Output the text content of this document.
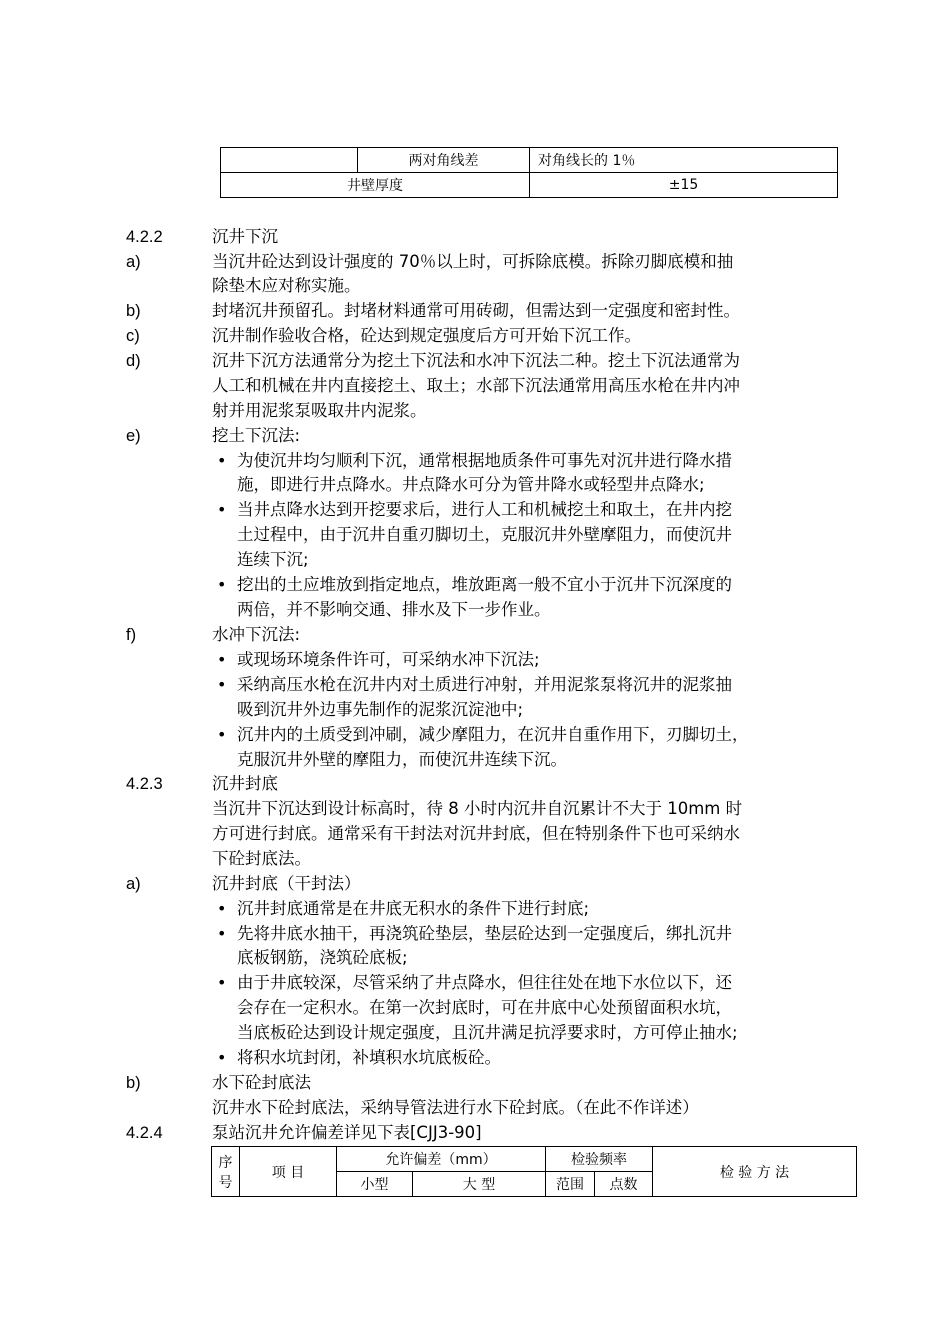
	两对角线差	对角线长的 1％
井壁厚度		±15
4.2.2	沉井下沉
a)	当沉井砼达到设计强度的 70％以上时，可拆除底模。拆除刃脚底模和抽
除垫木应对称实施。
b)	封堵沉井预留孔。封堵材料通常可用砖砌，但需达到一定强度和密封性。
c)	沉井制作验收合格，砼达到规定强度后方可开始下沉工作。
d)	沉井下沉方法通常分为挖土下沉法和水冲下沉法二种。挖土下沉法通常为
人工和机械在井内直接挖土、取土；水部下沉法通常用高压水枪在井内冲
射并用泥浆泵吸取井内泥浆。
e)	挖土下沉法:
• 为使沉井均匀顺利下沉，通常根据地质条件可事先对沉井进行降水措
施，即进行井点降水。井点降水可分为管井降水或轻型井点降水;
• 当井点降水达到开挖要求后，进行人工和机械挖土和取土，在井内挖
土过程中，由于沉井自重刃脚切土，克服沉井外壁摩阻力，而使沉井
连续下沉;
• 挖出的土应堆放到指定地点，堆放距离一般不宜小于沉井下沉深度的
两倍，并不影响交通、排水及下一步作业。
f)	水冲下沉法:
• 或现场环境条件许可，可采纳水冲下沉法;
• 采纳高压水枪在沉井内对土质进行冲射，并用泥浆泵将沉井的泥浆抽
吸到沉井外边事先制作的泥浆沉淀池中;
• 沉井内的土质受到冲刷，减少摩阻力，在沉井自重作用下，刃脚切土，
克服沉井外壁的摩阻力，而使沉井连续下沉。
4.2.3	沉井封底
当沉井下沉达到设计标高时，待 8 小时内沉井自沉累计不大于 10mm 时
方可进行封底。通常采有干封法对沉井封底，但在特别条件下也可采纳水
下砼封底法。
a)	沉井封底（干封法）
• 沉井封底通常是在井底无积水的条件下进行封底;
• 先将井底水抽干，再浇筑砼垫层，垫层砼达到一定强度后，绑扎沉井
底板钢筋，浇筑砼底板;
• 由于井底较深，尽管采纳了井点降水，但往往处在地下水位以下，还
会存在一定积水。在第一次封底时，可在井底中心处预留面积水坑，
当底板砼达到设计规定强度，且沉井满足抗浮要求时，方可停止抽水;
• 将积水坑封闭，补填积水坑底板砼。
b)	水下砼封底法
沉井水下砼封底法，采纳导管法进行水下砼封底。（在此不作详述）
4.2.4	泵站沉井允许偏差详见下表[CJJ3-90]
序
号	项 目	允许偏差（mm）		检验频率		检 验 方 法
		小型	大 型	范围	点数	
